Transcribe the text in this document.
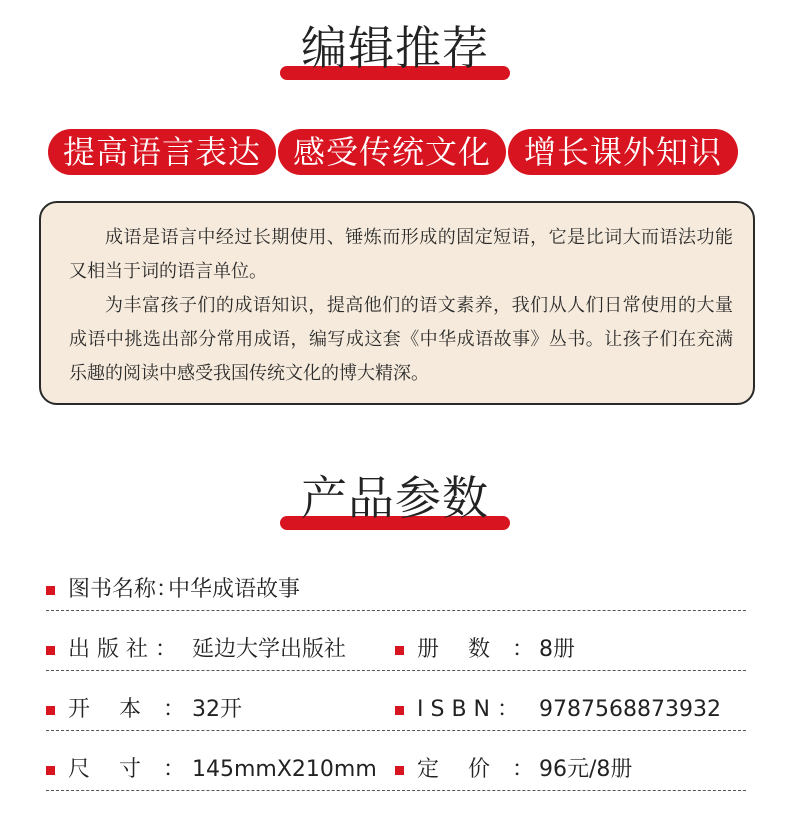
编辑推荐
提高语言表达 感受传统文化	增长课外知识

成语是语言中经过长期使用、锤炼而形成的固定短语，它是比词大而语法功能又相当于词的语言单位。

为丰富孩子们的成语知识，提高他们的语文素养，我们从人们日常使用的大量成语中挑选出部分常用成语，编写成这套《中华成语故事》丛书。让孩子们在充满乐趣的阅读中感受我国传统文化的博大精深。

产品参数
图书名称：
中华成语故事
出 版 社 ： 延边大学出版社	册　 数　： 8册
开　 本　： 32开	I S B N ： 9787568873932
尺　 寸　： 145mmX210mm 定　 价　： 96元/8册
